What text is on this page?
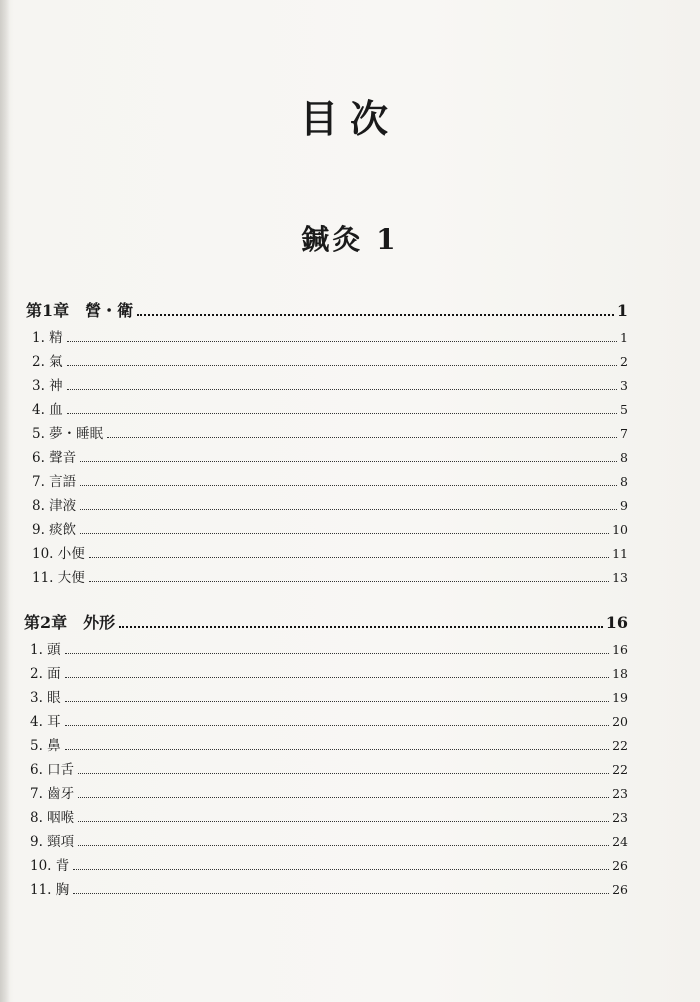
目次
鍼灸 1
第1章　營・衛	1
1. 精	1
2. 氣	2
3. 神	3
4. 血	5
5. 夢・睡眠	7
6. 聲音	8
7. 言語	8
8. 津液	9
9. 痰飲	10
10. 小便	11
11. 大便	13
第2章　外形	16
1. 頭	16
2. 面	18
3. 眼	19
4. 耳	20
5. 鼻	22
6. 口舌	22
7. 齒牙	23
8. 咽喉	23
9. 頸項	24
10. 背	26
11. 胸	26
